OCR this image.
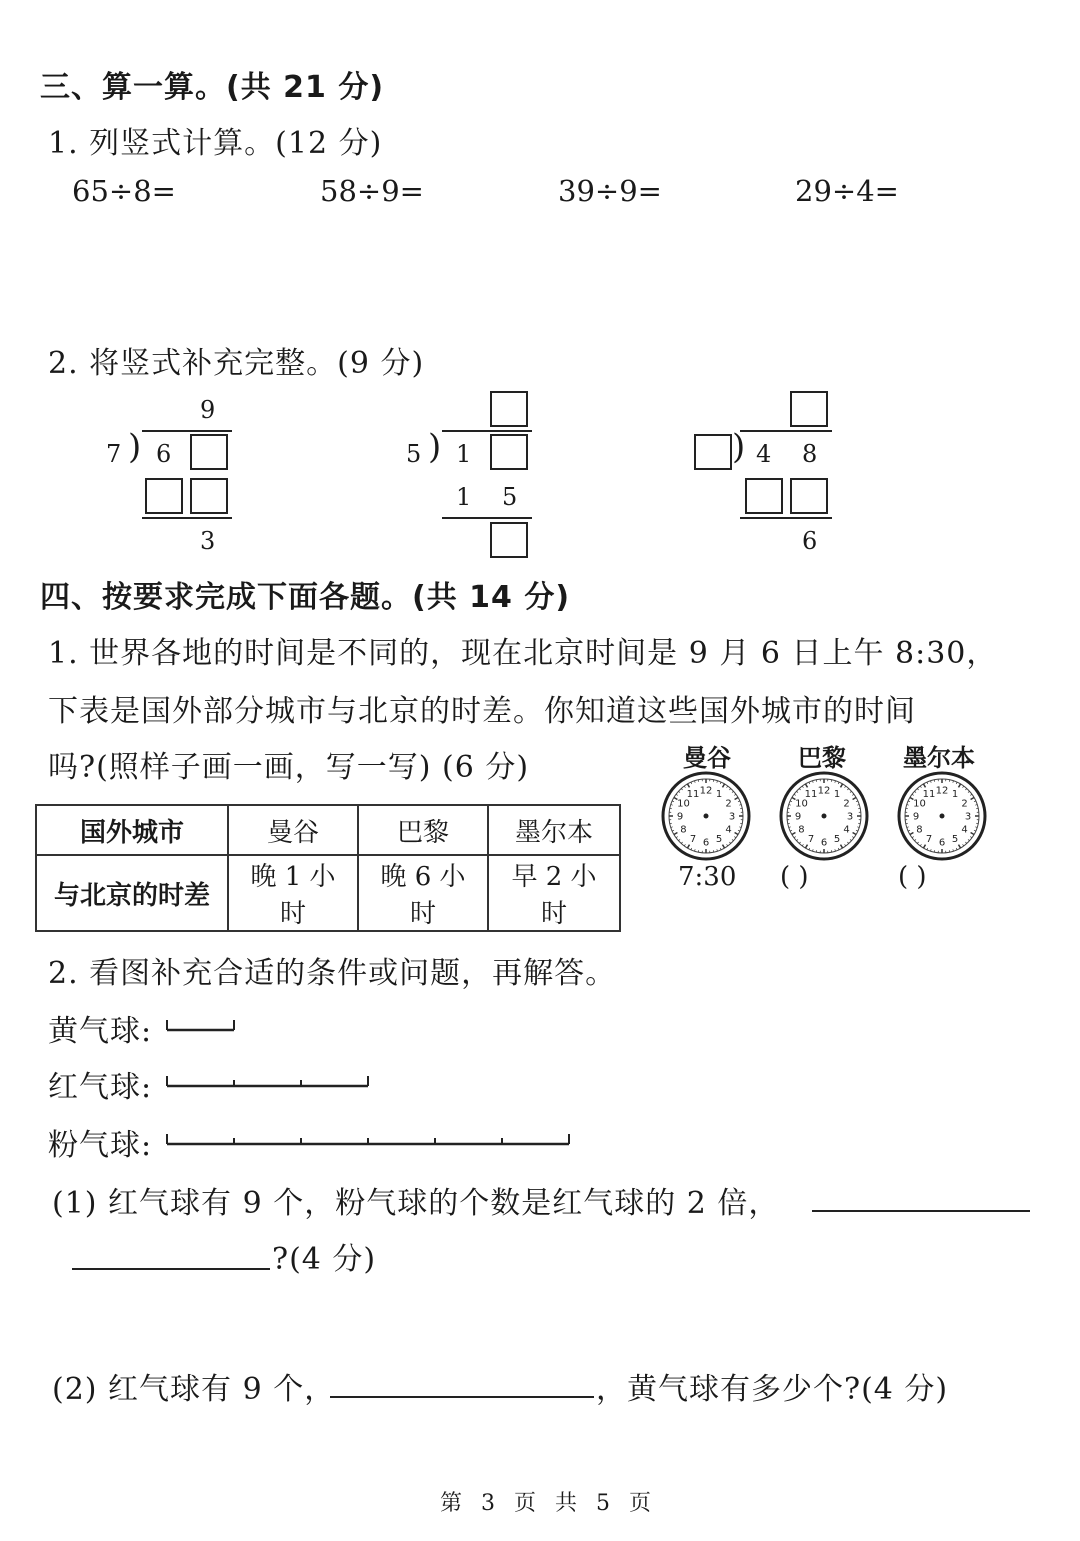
三、算一算。(共 21 分)
1. 列竖式计算。(12 分)
65÷8=	58÷9=	39÷9=	29÷4=
2. 将竖式补充完整。(9 分)
9
7 ) 6
3
5 ) 1
1 5
) 4 8
6
四、按要求完成下面各题。(共 14 分)
1. 世界各地的时间是不同的，现在北京时间是 9 月 6 日上午 8:30，
下表是国外部分城市与北京的时差。你知道这些国外城市的时间
吗?(照样子画一画，写一写) (6 分)
国外城市	曼谷	巴黎	墨尔本
与北京的时差	晚 1 小时	晚 6 小时	早 2 小时
曼谷	巴黎 墨尔本
12 1
2
3
4
5
6
7
8
9
10
11	12 1
2
3
4
5
6
7
8
9
10
11	12 1
2
3
4
5
6
7
8
9
10
11
7:30 ( )	( )
2. 看图补充合适的条件或问题，再解答。
黄气球:
红气球:
粉气球:
(1) 红气球有 9 个，粉气球的个数是红气球的 2 倍，
?(4 分)
(2) 红气球有 9 个，	，黄气球有多少个?(4 分)
第 3 页 共 5 页
